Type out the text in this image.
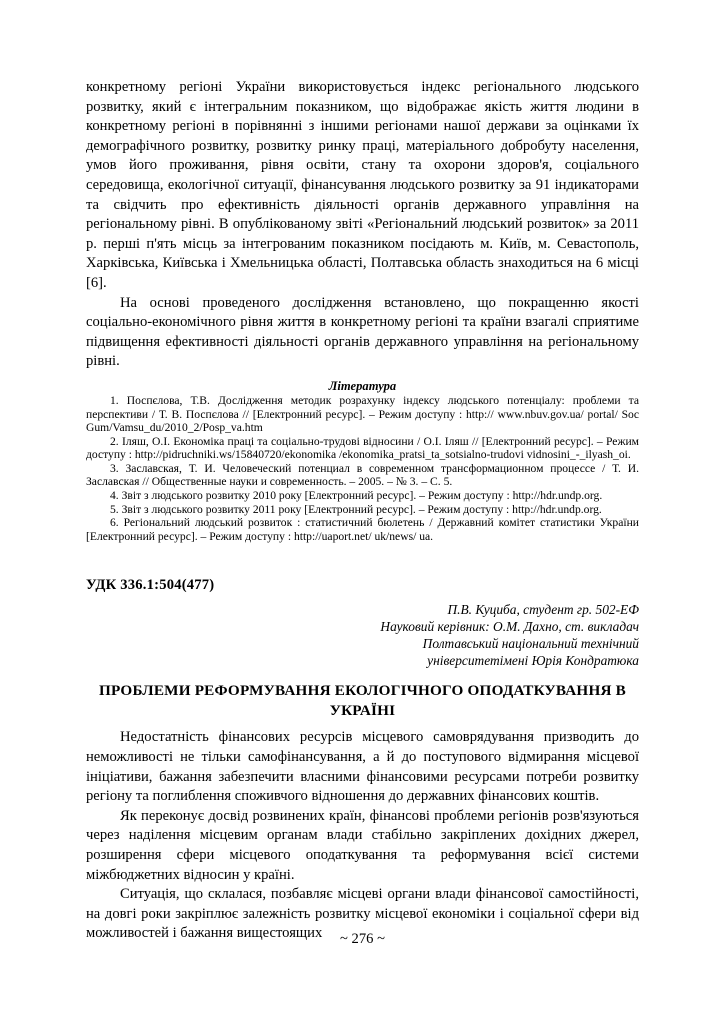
конкретному регіоні України використовується індекс регіонального людського розвитку, який є інтегральним показником, що відображає якість життя людини в конкретному регіоні в порівнянні з іншими регіонами нашої держави за оцінками їх демографічного розвитку, розвитку ринку праці, матеріального добробуту населення, умов його проживання, рівня освіти, стану та охорони здоров'я, соціального середовища, екологічної ситуації, фінансування людського розвитку за 91 індикаторами та свідчить про ефективність діяльності органів державного управління на регіональному рівні. В опублікованому звіті «Регіональний людський розвиток» за 2011 р. перші п'ять місць за інтегрованим показником посідають м. Київ, м. Севастополь, Харківська, Київська і Хмельницька області, Полтавська область знаходиться на 6 місці [6].

На основі проведеного дослідження встановлено, що покращенню якості соціально-економічного рівня життя в конкретному регіоні та країни взагалі сприятиме підвищення ефективності діяльності органів державного управління на регіональному рівні.

Література

1. Поспєлова, Т.В. Дослідження методик розрахунку індексу людського потенціалу: проблеми та перспективи / Т. В. Поспєлова // [Електронний ресурс]. – Режим доступу : http:// www.nbuv.gov.ua/ portal/ Soc Gum/Vamsu_du/2010_2/Posp_va.htm

2. Іляш, О.І. Економіка праці та соціально-трудові відносини / О.І. Іляш // [Електронний ресурс]. – Режим доступу : http://pidruchniki.ws/15840720/ekonomika /ekonomika_pratsi_ta_sotsialno-trudovi vidnosini_-_ilyash_oi.

3. Заславская, Т. И. Человеческий потенциал в современном трансформационном процессе / Т. И. Заславская // Общественные науки и современность. – 2005. – № 3. – С. 5.

4. Звіт з людського розвитку 2010 року [Електронний ресурс]. – Режим доступу : http://hdr.undp.org.

5. Звіт з людського розвитку 2011 року [Електронний ресурс]. – Режим доступу : http://hdr.undp.org.

6. Регіональний людський розвиток : статистичний бюлетень / Державний комітет статистики України [Електронний ресурс]. – Режим доступу : http://uaport.net/ uk/news/ ua.

УДК 336.1:504(477)
П.В. Куциба, студент гр. 502-ЕФ
Науковий керівник: О.М. Дахно, ст. викладач
Полтавський національний технічний
університетімені Юрія Кондратюка
ПРОБЛЕМИ РЕФОРМУВАННЯ ЕКОЛОГІЧНОГО ОПОДАТКУВАННЯ В УКРАЇНІ

Недостатність фінансових ресурсів місцевого самоврядування призводить до неможливості не тільки самофінансування, а й до поступового відмирання місцевої ініціативи, бажання забезпечити власними фінансовими ресурсами потреби розвитку регіону та поглиблення споживчого відношення до державних фінансових коштів.

Як переконує досвід розвинених країн, фінансові проблеми регіонів розв'язуються через наділення місцевим органам влади стабільно закріплених дохідних джерел, розширення сфери місцевого оподаткування та реформування всієї системи міжбюджетних відносин у країні.

Ситуація, що склалася, позбавляє місцеві органи влади фінансової самостійності, на довгі роки закріплює залежність розвитку місцевої економіки і соціальної сфери від можливостей і бажання вищестоящих	~ 276 ~
